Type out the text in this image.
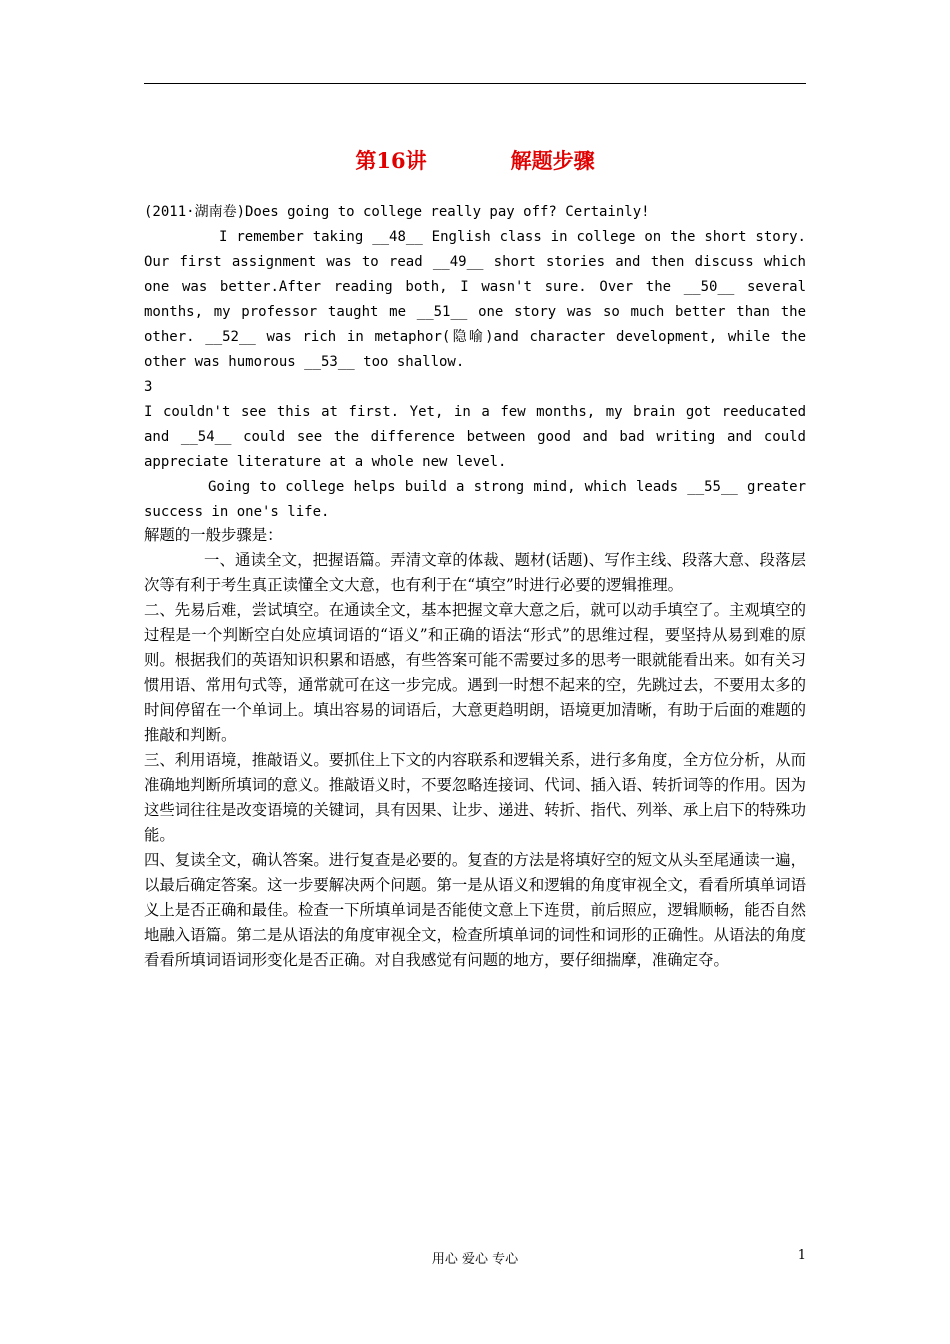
第16讲　　　　解题步骤

(2011·湖南卷)Does going to college really pay off? Certainly!

I remember taking __48__ English class in college on the short story. Our first assignment was to read __49__ short stories and then discuss which one was better.After reading both, I wasn't sure. Over the __50__ several months, my professor taught me __51__ one story was so much better than the other. __52__ was rich in metaphor(隐喻)and character development, while the other was humorous __53__ too shallow.

3

I couldn't see this at first. Yet, in a few months, my brain got reeducated and __54__ could see the difference between good and bad writing and could appreciate literature at a whole new level.

Going to college helps build a strong mind, which leads __55__ greater success in one's life.

解题的一般步骤是：

一、通读全文，把握语篇。弄清文章的体裁、题材(话题)、写作主线、段落大意、段落层次等有利于考生真正读懂全文大意，也有利于在“填空”时进行必要的逻辑推理。

二、先易后难，尝试填空。在通读全文，基本把握文章大意之后，就可以动手填空了。主观填空的过程是一个判断空白处应填词语的“语义”和正确的语法“形式”的思维过程，要坚持从易到难的原则。根据我们的英语知识积累和语感，有些答案可能不需要过多的思考一眼就能看出来。如有关习惯用语、常用句式等，通常就可在这一步完成。遇到一时想不起来的空，先跳过去，不要用太多的时间停留在一个单词上。填出容易的词语后，大意更趋明朗，语境更加清晰，有助于后面的难题的推敲和判断。

三、利用语境，推敲语义。要抓住上下文的内容联系和逻辑关系，进行多角度，全方位分析，从而准确地判断所填词的意义。推敲语义时，不要忽略连接词、代词、插入语、转折词等的作用。因为这些词往往是改变语境的关键词，具有因果、让步、递进、转折、指代、列举、承上启下的特殊功能。

四、复读全文，确认答案。进行复查是必要的。复查的方法是将填好空的短文从头至尾通读一遍，以最后确定答案。这一步要解决两个问题。第一是从语义和逻辑的角度审视全文，看看所填单词语义上是否正确和最佳。检查一下所填单词是否能使文意上下连贯，前后照应，逻辑顺畅，能否自然地融入语篇。第二是从语法的角度审视全文，检查所填单词的词性和词形的正确性。从语法的角度看看所填词语词形变化是否正确。对自我感觉有问题的地方，要仔细揣摩，准确定夺。

用心 爱心 专心	1
